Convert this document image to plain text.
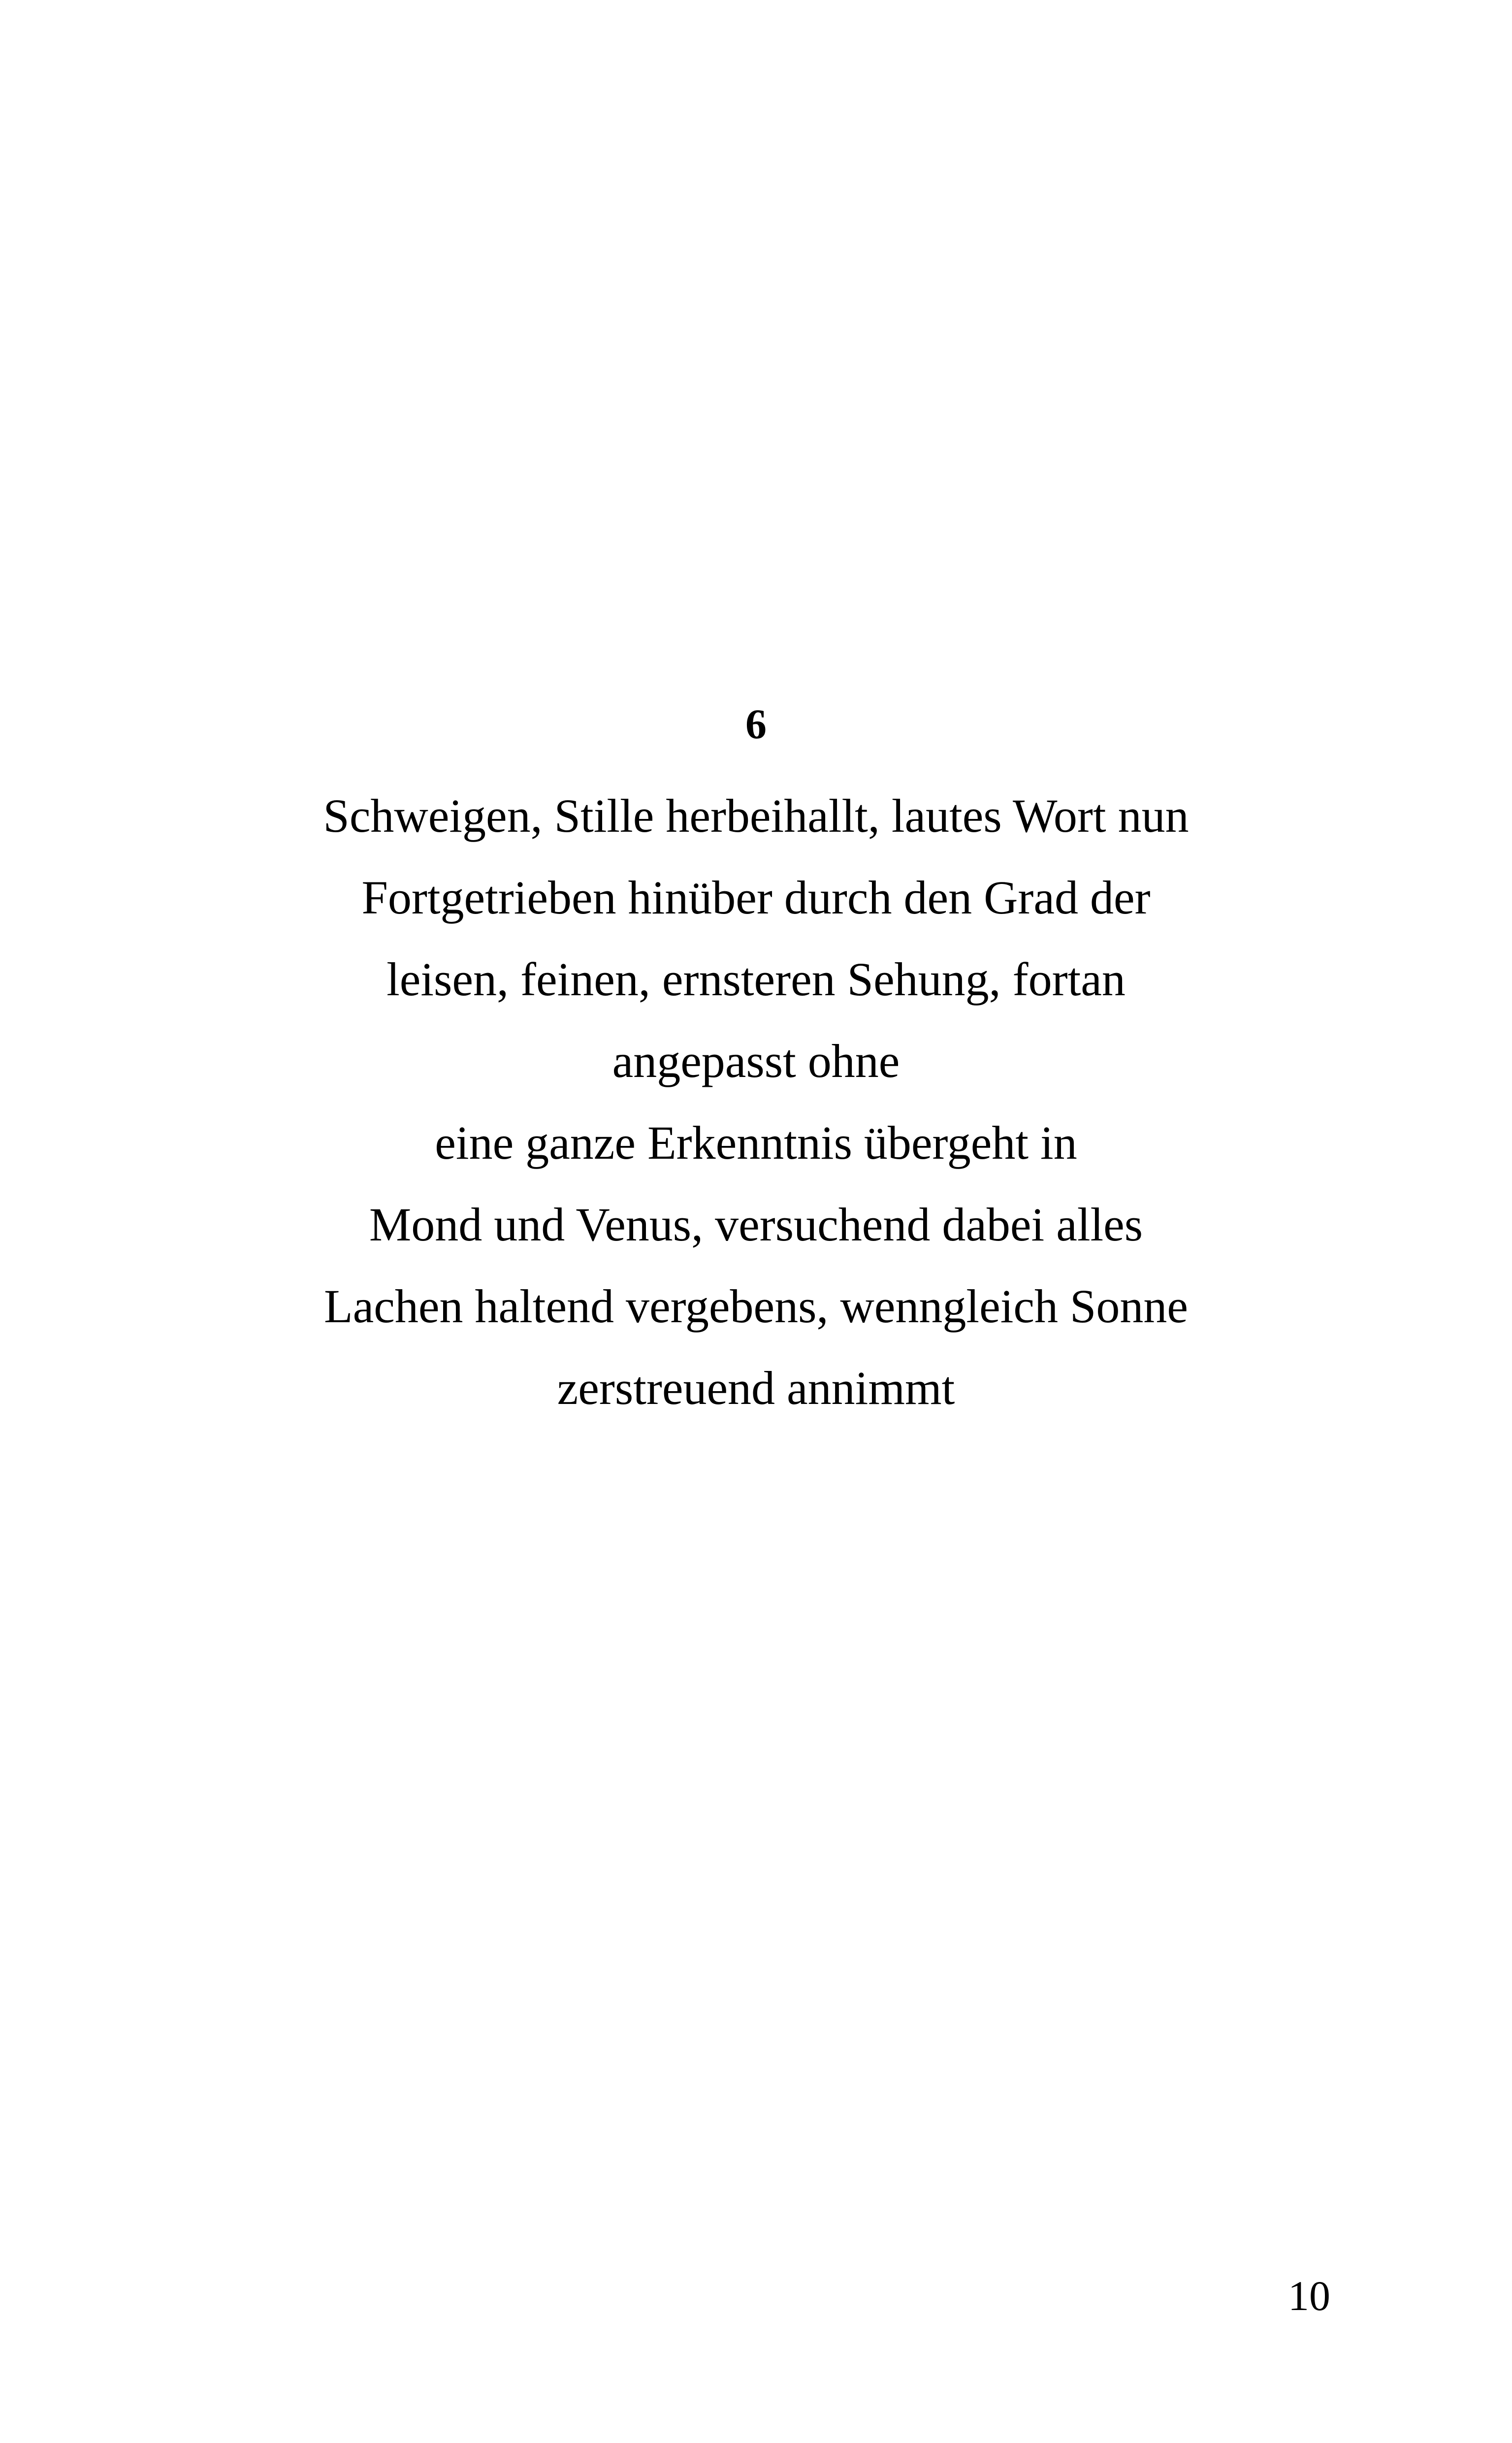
6
Schweigen, Stille herbeihallt, lautes Wort nun
Fortgetrieben hinüber durch den Grad der
leisen, feinen, ernsteren Sehung, fortan
angepasst ohne
eine ganze Erkenntnis übergeht in
Mond und Venus, versuchend dabei alles
Lachen haltend vergebens, wenngleich Sonne
zerstreuend annimmt
10
